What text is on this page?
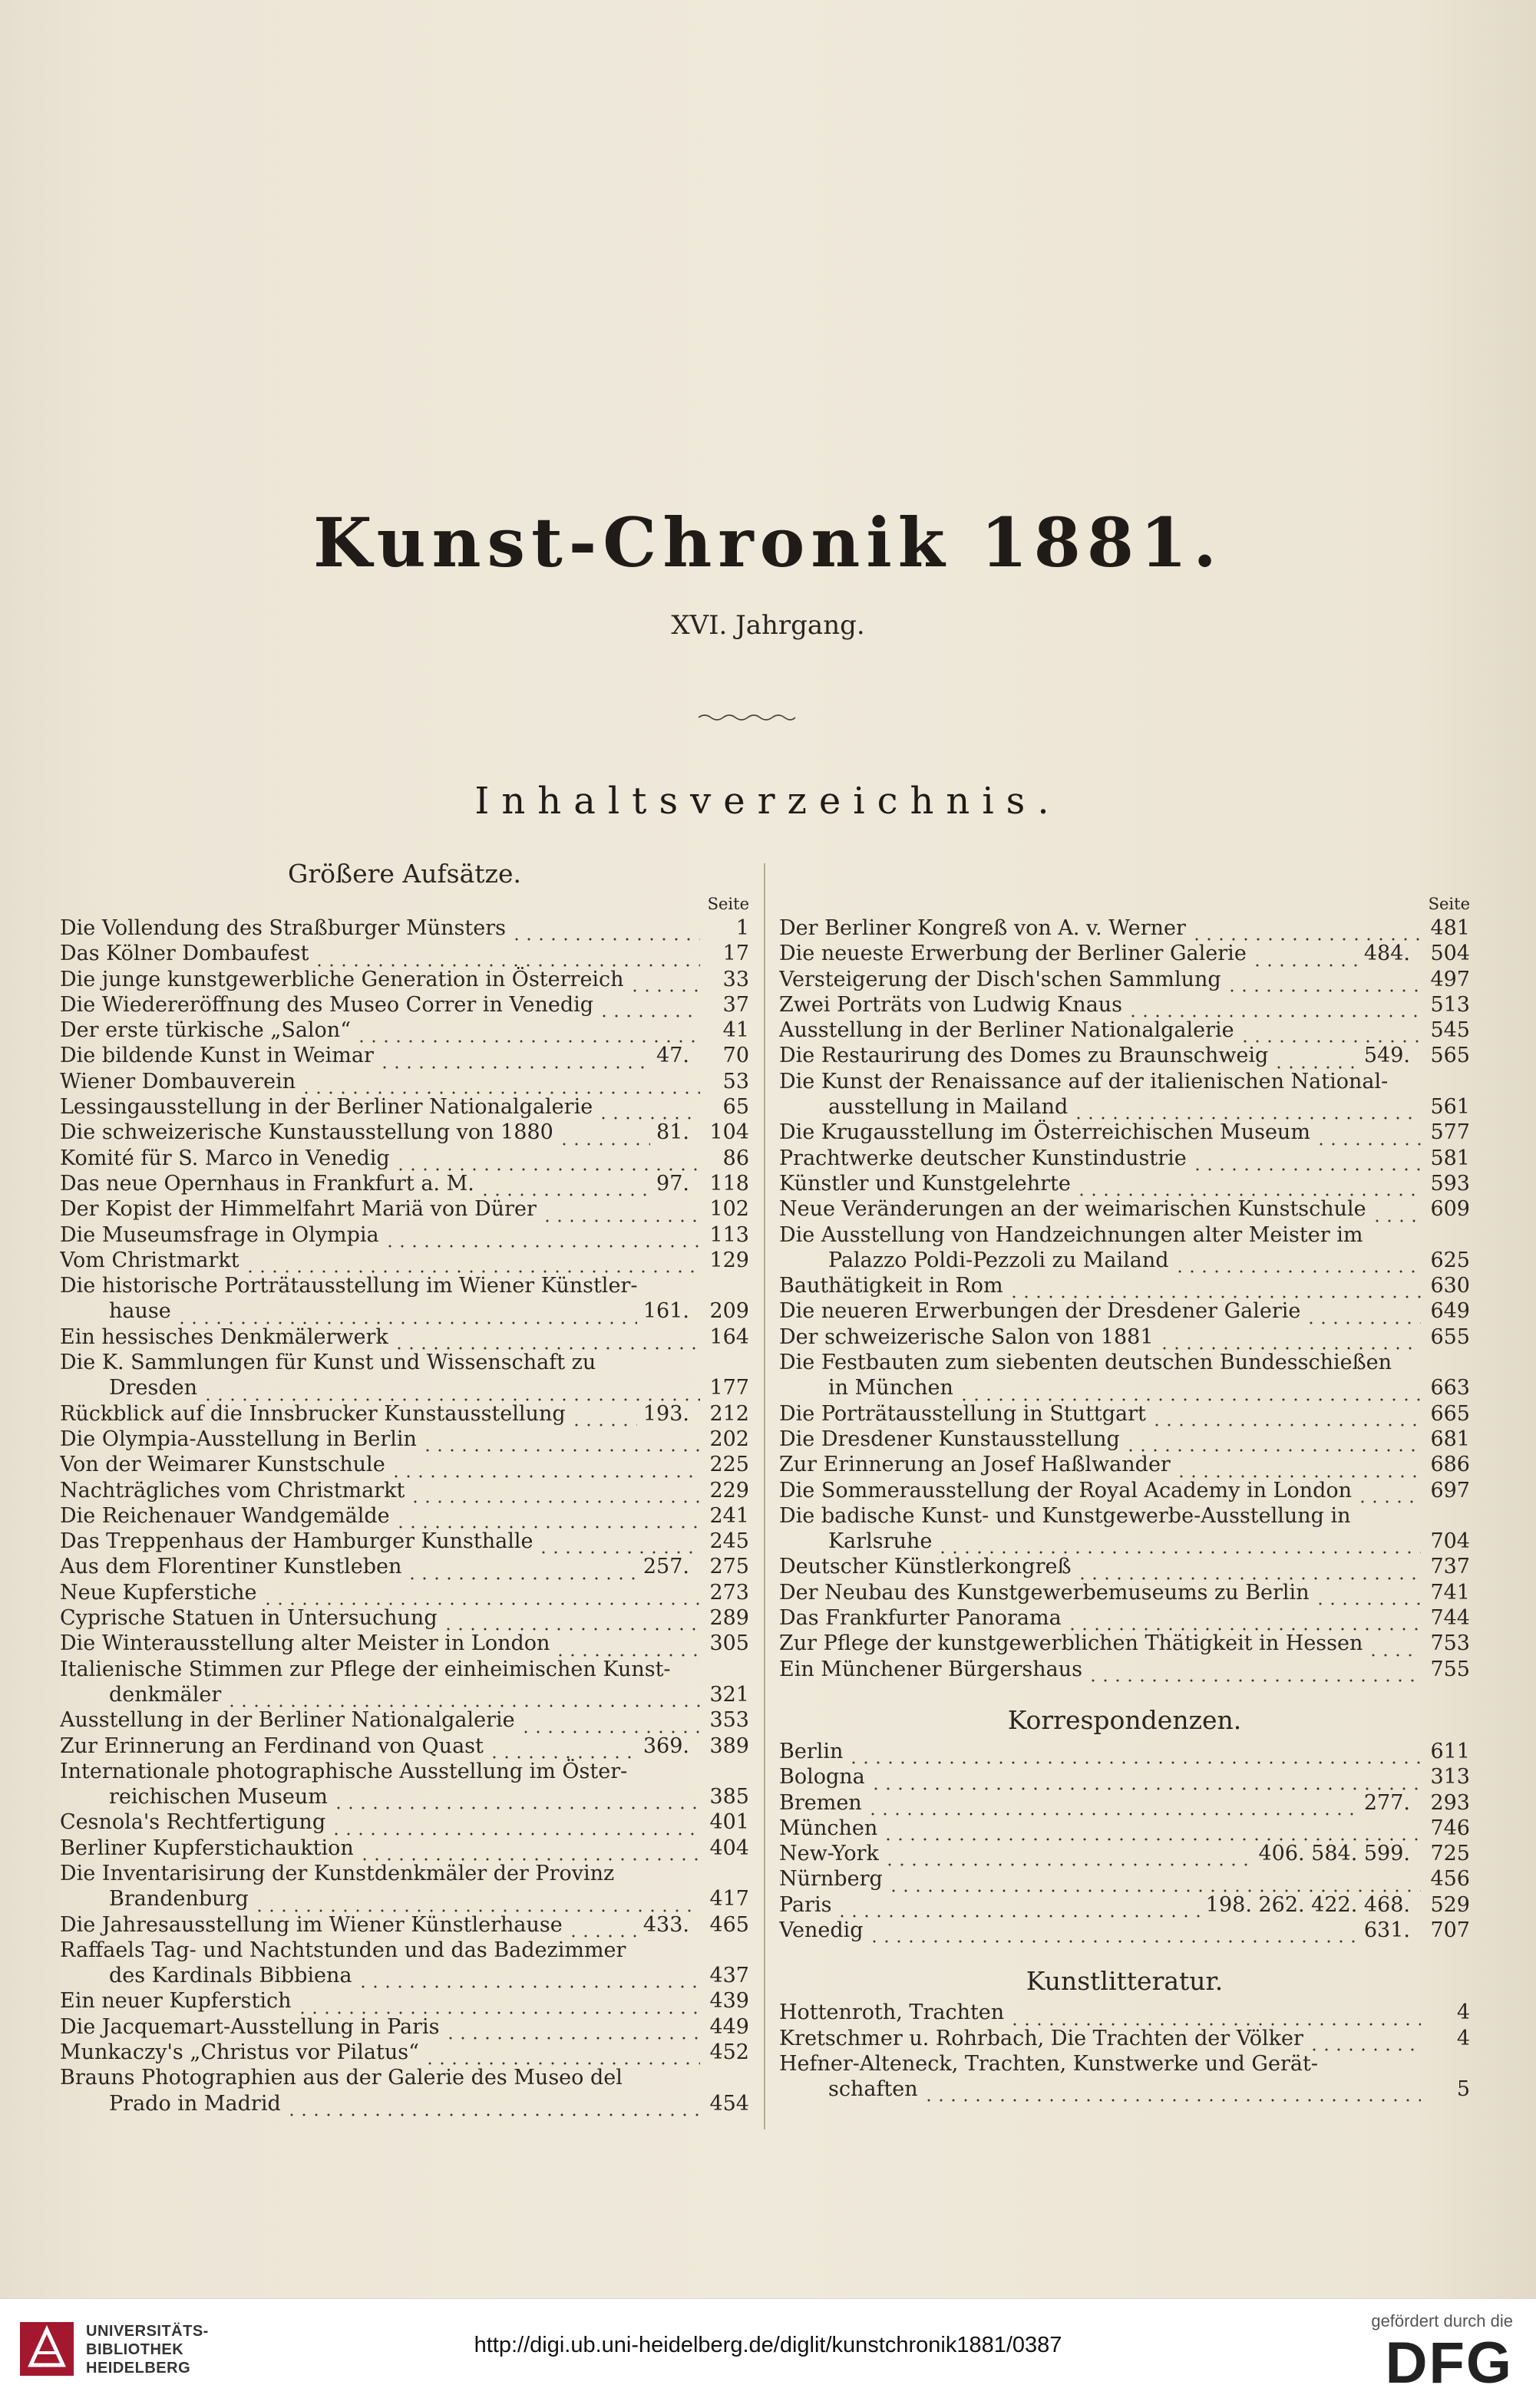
Kunst-Chronik 1881.
XVI. Jahrgang.
Inhaltsverzeichnis.
Größere Aufsätze.
Seite
Die Vollendung des Straßburger Münsters	1
Das Kölner Dombaufest	17
Die junge kunstgewerbliche Generation in Österreich	33
Die Wiedereröffnung des Museo Correr in Venedig	37
Der erste türkische „Salon“	41
Die bildende Kunst in Weimar	47.	70
Wiener Dombauverein	53
Lessingausstellung in der Berliner Nationalgalerie	65
Die schweizerische Kunstausstellung von 1880	81. 104
Komité für S. Marco in Venedig	86
Das neue Opernhaus in Frankfurt a. M.	97. 118
Der Kopist der Himmelfahrt Mariä von Dürer	102
Die Museumsfrage in Olympia	113
Vom Christmarkt	129
Die historische Porträtausstellung im Wiener Künstler-
hause	161. 209
Ein hessisches Denkmälerwerk	164
Die K. Sammlungen für Kunst und Wissenschaft zu
Dresden	177
Rückblick auf die Innsbrucker Kunstausstellung	193. 212
Die Olympia-Ausstellung in Berlin	202
Von der Weimarer Kunstschule	225
Nachträgliches vom Christmarkt	229
Die Reichenauer Wandgemälde	241
Das Treppenhaus der Hamburger Kunsthalle	245
Aus dem Florentiner Kunstleben	257. 275
Neue Kupferstiche	273
Cyprische Statuen in Untersuchung	289
Die Winterausstellung alter Meister in London	305
Italienische Stimmen zur Pflege der einheimischen Kunst-
denkmäler	321
Ausstellung in der Berliner Nationalgalerie	353
Zur Erinnerung an Ferdinand von Quast	369. 389
Internationale photographische Ausstellung im Öster-
reichischen Museum	385
Cesnola's Rechtfertigung	401
Berliner Kupferstichauktion	404
Die Inventarisirung der Kunstdenkmäler der Provinz
Brandenburg	417
Die Jahresausstellung im Wiener Künstlerhause	433. 465
Raffaels Tag- und Nachtstunden und das Badezimmer
des Kardinals Bibbiena	437
Ein neuer Kupferstich	439
Die Jacquemart-Ausstellung in Paris	449
Munkaczy's „Christus vor Pilatus“	452
Brauns Photographien aus der Galerie des Museo del
Prado in Madrid	454
Seite
Der Berliner Kongreß von A. v. Werner	481
Die neueste Erwerbung der Berliner Galerie	484. 504
Versteigerung der Disch'schen Sammlung	497
Zwei Porträts von Ludwig Knaus	513
Ausstellung in der Berliner Nationalgalerie	545
Die Restaurirung des Domes zu Braunschweig	549. 565
Die Kunst der Renaissance auf der italienischen National-
ausstellung in Mailand	561
Die Krugausstellung im Österreichischen Museum	577
Prachtwerke deutscher Kunstindustrie	581
Künstler und Kunstgelehrte	593
Neue Veränderungen an der weimarischen Kunstschule	609
Die Ausstellung von Handzeichnungen alter Meister im
Palazzo Poldi-Pezzoli zu Mailand	625
Bauthätigkeit in Rom	630
Die neueren Erwerbungen der Dresdener Galerie	649
Der schweizerische Salon von 1881	655
Die Festbauten zum siebenten deutschen Bundesschießen
in München	663
Die Porträtausstellung in Stuttgart	665
Die Dresdener Kunstausstellung	681
Zur Erinnerung an Josef Haßlwander	686
Die Sommerausstellung der Royal Academy in London	697
Die badische Kunst- und Kunstgewerbe-Ausstellung in
Karlsruhe	704
Deutscher Künstlerkongreß	737
Der Neubau des Kunstgewerbemuseums zu Berlin	741
Das Frankfurter Panorama	744
Zur Pflege der kunstgewerblichen Thätigkeit in Hessen	753
Ein Münchener Bürgershaus	755
Korrespondenzen.
Berlin	611
Bologna	313
Bremen	277. 293
München	746
New-York	406. 584. 599. 725
Nürnberg	456
Paris	198. 262. 422. 468. 529
Venedig	631. 707
Kunstlitteratur.
Hottenroth, Trachten	4
Kretschmer u. Rohrbach, Die Trachten der Völker	4
Hefner-Alteneck, Trachten, Kunstwerke und Gerät-
schaften	5
UNIVERSITÄTS-
BIBLIOTHEK
HEIDELBERG
http://digi.ub.uni-heidelberg.de/diglit/kunstchronik1881/0387
gefördert durch die
DFG
